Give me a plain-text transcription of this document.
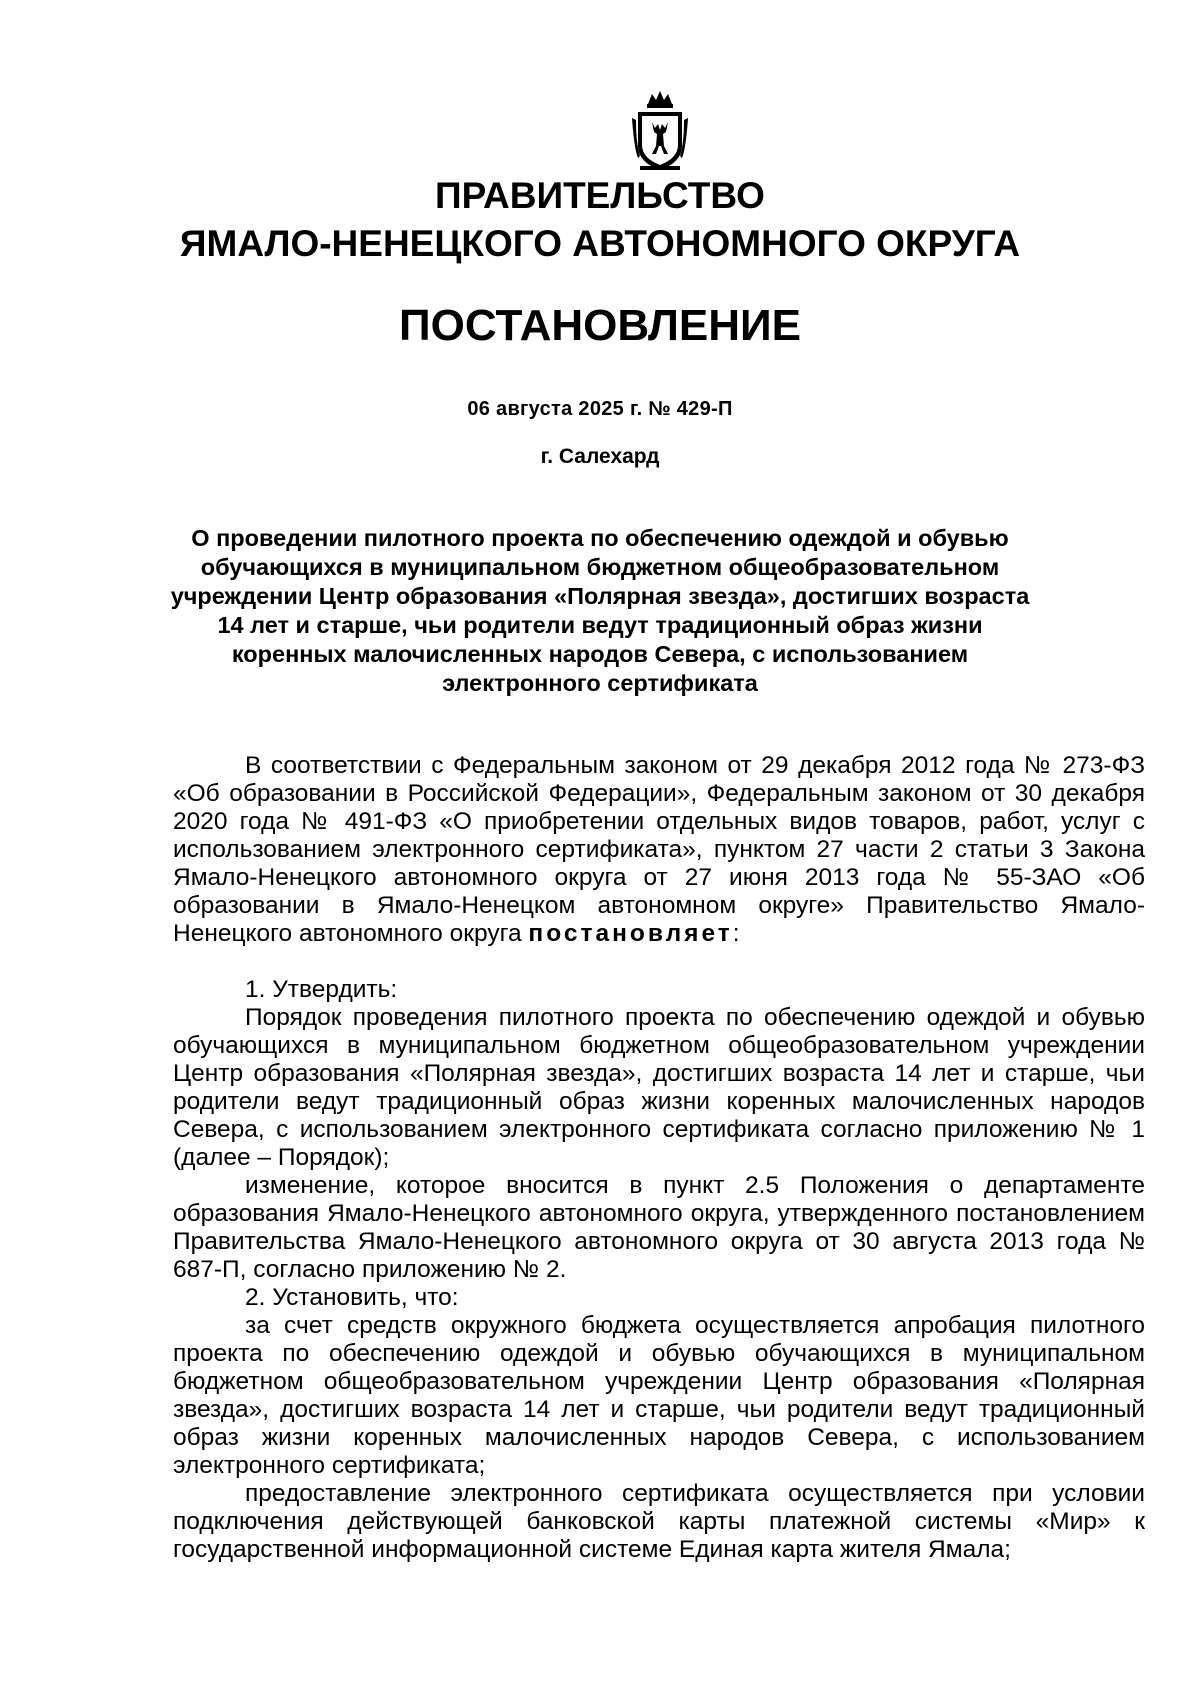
ПРАВИТЕЛЬСТВО
ЯМАЛО-НЕНЕЦКОГО АВТОНОМНОГО ОКРУГА
ПОСТАНОВЛЕНИЕ
06 августа 2025 г. № 429-П
г. Салехард
О проведении пилотного проекта по обеспечению одеждой и обувью
обучающихся в муниципальном бюджетном общеобразовательном
учреждении Центр образования «Полярная звезда», достигших возраста
14 лет и старше, чьи родители ведут традиционный образ жизни
коренных малочисленных народов Севера, с использованием
электронного сертификата

В соответствии с Федеральным законом от 29 декабря 2012 года № 273-ФЗ «Об образовании в Российской Федерации», Федеральным законом от 30 декабря 2020 года № 491-ФЗ «О приобретении отдельных видов товаров, работ, услуг с использованием электронного сертификата», пунктом 27 части 2 статьи 3 Закона Ямало-Ненецкого автономного округа от 27 июня 2013 года № 55-ЗАО «Об образовании в Ямало-Ненецком автономном округе» Правительство Ямало-Ненецкого автономного округа постановляет:

1. Утвердить:

Порядок проведения пилотного проекта по обеспечению одеждой и обувью обучающихся в муниципальном бюджетном общеобразовательном учреждении Центр образования «Полярная звезда», достигших возраста 14 лет и старше, чьи родители ведут традиционный образ жизни коренных малочисленных народов Севера, с использованием электронного сертификата согласно приложению № 1 (далее – Порядок);

изменение, которое вносится в пункт 2.5 Положения о департаменте образования Ямало-Ненецкого автономного округа, утвержденного постановлением Правительства Ямало-Ненецкого автономного округа от 30 августа 2013 года № 687-П, согласно приложению № 2.

2. Установить, что:

за счет средств окружного бюджета осуществляется апробация пилотного проекта по обеспечению одеждой и обувью обучающихся в муниципальном бюджетном общеобразовательном учреждении Центр образования «Полярная звезда», достигших возраста 14 лет и старше, чьи родители ведут традиционный образ жизни коренных малочисленных народов Севера, с использованием электронного сертификата;

предоставление электронного сертификата осуществляется при условии подключения действующей банковской карты платежной системы «Мир» к государственной информационной системе Единая карта жителя Ямала;
